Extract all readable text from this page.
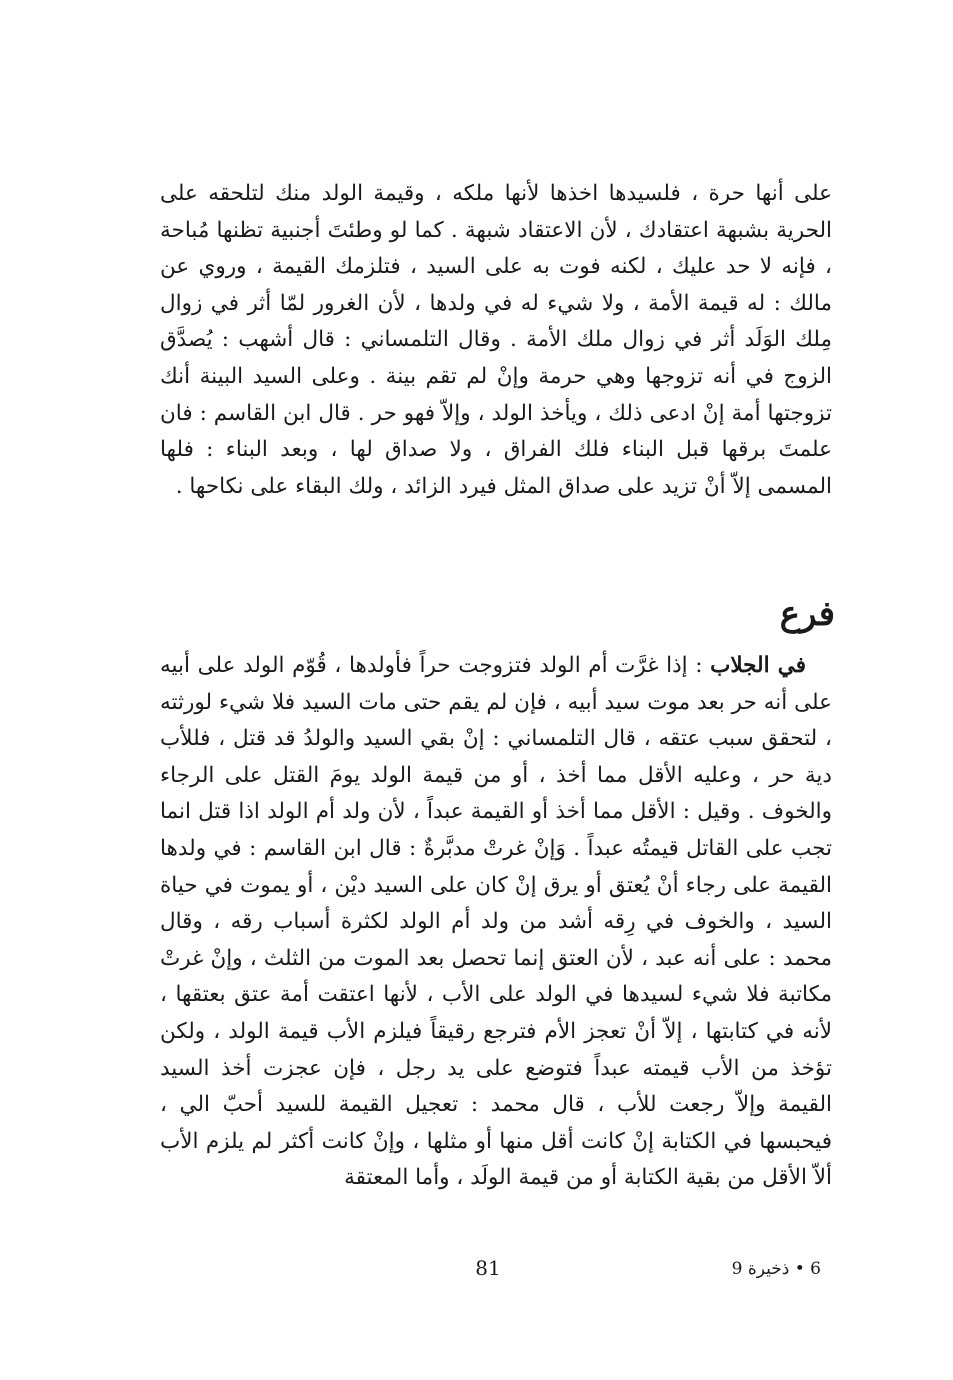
على أنها حرة ، فلسيدها اخذها لأنها ملكه ، وقيمة الولد منك لتلحقه على الحرية بشبهة اعتقادك ، لأن الاعتقاد شبهة . كما لو وطئتَ أجنبية تظنها مُباحة ، فإنه لا حد عليك ، لكنه فوت به على السيد ، فتلزمك القيمة ، وروي عن مالك : له قيمة الأمة ، ولا شيء له في ولدها ، لأن الغرور لمّا أثر في زوال مِلك الوَلَد أثر في زوال ملك الأمة . وقال التلمساني : قال أشهب : يُصدَّق الزوج في أنه تزوجها وهي حرمة وإنْ لم تقم بينة . وعلى السيد البينة أنك تزوجتها أمة إنْ ادعى ذلك ، ويأخذ الولد ، وإلاّ فهو حر . قال ابن القاسم : فان علمتَ برقها قبل البناء فلك الفراق ، ولا صداق لها ، وبعد البناء : فلها المسمى إلاّ أنْ تزيد على صداق المثل فيرد الزائد ، ولك البقاء على نكاحها .

فرع

في الجلاب : إذا غرَّت أم الولد فتزوجت حراً فأولدها ، قُوّم الولد على أبيه على أنه حر بعد موت سيد أبيه ، فإن لم يقم حتى مات السيد فلا شيء لورثته ، لتحقق سبب عتقه ، قال التلمساني : إنْ بقي السيد والولدُ قد قتل ، فللأب دية حر ، وعليه الأقل مما أخذ ، أو من قيمة الولد يومَ القتل على الرجاء والخوف . وقيل : الأقل مما أخذ أو القيمة عبداً ، لأن ولد أم الولد اذا قتل انما تجب على القاتل قيمتُه عبداً . وَإنْ غرتْ مدبَّرةٌ : قال ابن القاسم : في ولدها القيمة على رجاء أنْ يُعتق أو يرق إنْ كان على السيد ديْن ، أو يموت في حياة السيد ، والخوف في رِقه أشد من ولد أم الولد لكثرة أسباب رقه ، وقال محمد : على أنه عبد ، لأن العتق إنما تحصل بعد الموت من الثلث ، وإنْ غرتْ مكاتبة فلا شيء لسيدها في الولد على الأب ، لأنها اعتقت أمة عتق بعتقها ، لأنه في كتابتها ، إلاّ أنْ تعجز الأم فترجع رقيقاً فيلزم الأب قيمة الولد ، ولكن تؤخذ من الأب قيمته عبداً فتوضع على يد رجل ، فإن عجزت أخذ السيد القيمة وإلاّ رجعت للأب ، قال محمد : تعجيل القيمة للسيد أحبّ الي ، فيحبسها في الكتابة إنْ كانت أقل منها أو مثلها ، وإنْ كانت أكثر لم يلزم الأب ألاّ الأقل من بقية الكتابة أو من قيمة الولَد ، وأما المعتقة

81	6 • ذخيرة 9
